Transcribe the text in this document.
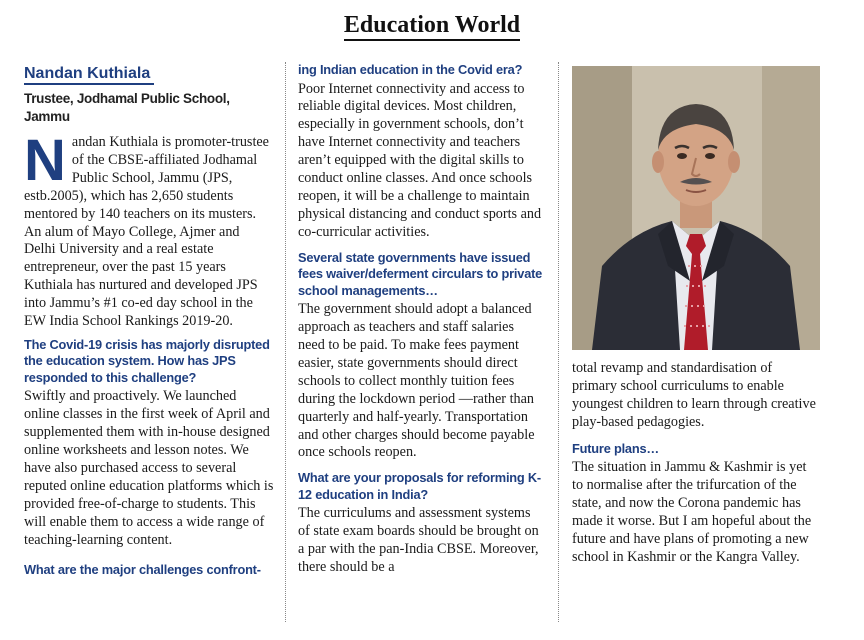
Education World
Nandan Kuthiala
Trustee, Jodhamal Public School, Jammu
N andan Kuthiala is promoter-trustee of the CBSE-affiliated Jodhamal Public School, Jammu (JPS, estb.2005), which has 2,650 students mentored by 140 teachers on its musters. An alum of Mayo College, Ajmer and Delhi University and a real estate entrepreneur, over the past 15 years Kuthiala has nurtured and developed JPS into Jammu’s #1 co-ed day school in the EW India School Rankings 2019-20.

The Covid-19 crisis has majorly disrupted the education system. How has JPS responded to this challenge?

Swiftly and proactively. We launched online classes in the first week of April and supplemented them with in-house designed online worksheets and lesson notes. We have also purchased access to several reputed online education platforms which is provided free-of-charge to students. This will enable them to access a wide range of teaching-learning content.

What are the major challenges confront-
ing Indian education in the Covid era?

Poor Internet connectivity and access to reliable digital devices. Most children, especially in government schools, don’t have Internet connectivity and teachers aren’t equipped with the digital skills to conduct online classes. And once schools reopen, it will be a challenge to maintain physical distancing and conduct sports and co-curricular activities.

Several state governments have issued fees waiver/deferment circulars to private school managements…

The government should adopt a balanced approach as teachers and staff salaries need to be paid. To make fees payment easier, state governments should direct schools to collect monthly tuition fees during the lockdown period —rather than quarterly and half-yearly. Transportation and other charges should become payable once schools reopen.

What are your proposals for reforming K-12 education in India?

The curriculums and assessment systems of state exam boards should be brought on a par with the pan-India CBSE. Moreover, there should be a

total revamp and standardisation of primary school curriculums to enable youngest children to learn through creative play-based pedagogies.

Future plans…

The situation in Jammu & Kashmir is yet to normalise after the trifurcation of the state, and now the Corona pandemic has made it worse. But I am hopeful about the future and have plans of promoting a new school in Kashmir or the Kangra Valley.
